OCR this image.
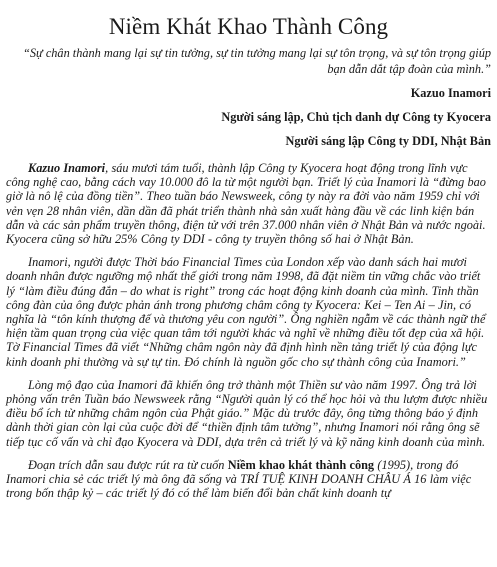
Niềm Khát Khao Thành Công

“Sự chân thành mang lại sự tin tưởng, sự tin tưởng mang lại sự tôn trọng, và sự tôn trọng giúp bạn dẫn dắt tập đoàn của mình.”

Kazuo Inamori
Người sáng lập, Chủ tịch danh dự Công ty Kyocera
Người sáng lập Công ty DDI, Nhật Bản

Kazuo Inamori, sáu mươi tám tuổi, thành lập Công ty Kyocera hoạt động trong lĩnh vực công nghệ cao, bằng cách vay 10.000 đô la từ một người bạn. Triết lý của Inamori là “đừng bao giờ là nô lệ của đồng tiền”. Theo tuần báo Newsweek, công ty này ra đời vào năm 1959 chỉ với vẻn vẹn 28 nhân viên, dần dần đã phát triển thành nhà sản xuất hàng đầu về các linh kiện bán dẫn và các sản phẩm truyền thông, điện tử với trên 37.000 nhân viên ở Nhật Bản và nước ngoài. Kyocera cũng sở hữu 25% Công ty DDI - công ty truyền thông số hai ở Nhật Bản.

Inamori, người được Thời báo Financial Times của London xếp vào danh sách hai mươi doanh nhân được ngưỡng mộ nhất thế giới trong năm 1998, đã đặt niềm tin vững chắc vào triết lý “làm điều đúng đắn – do what is right” trong các hoạt động kinh doanh của mình. Tinh thần công đàn của ông được phản ánh trong phương châm công ty Kyocera: Kei – Ten Ai – Jin, có nghĩa là “tôn kính thượng đế và thương yêu con người”. Ông nghiền ngẫm về các thành ngữ thể hiện tầm quan trọng của việc quan tâm tới người khác và nghĩ về những điều tốt đẹp của xã hội. Tờ Financial Times đã viết “Những châm ngôn này đã định hình nền tảng triết lý của động lực kinh doanh phi thường và sự tự tin. Đó chính là nguồn gốc cho sự thành công của Inamori.”

Lòng mộ đạo của Inamori đã khiến ông trở thành một Thiền sư vào năm 1997. Ông trả lời phỏng vấn trên Tuần báo Newsweek rằng “Người quản lý có thể học hỏi và thu lượm được nhiều điều bổ ích từ những châm ngôn của Phật giáo.” Mặc dù trước đây, ông từng thông báo ý định dành thời gian còn lại của cuộc đời để “thiền định tâm tưởng”, nhưng Inamori nói rằng ông sẽ tiếp tục cố vấn và chỉ đạo Kyocera và DDI, dựa trên cả triết lý và kỹ năng kinh doanh của mình.

Đoạn trích dẫn sau được rút ra từ cuốn Niềm khao khát thành công (1995), trong đó Inamori chia sẻ các triết lý mà ông đã sống và TRÍ TUỆ KINH DOANH CHÂU Á 16 làm việc trong bốn thập kỷ – các triết lý đó có thể làm biến đổi bản chất kinh doanh tự
